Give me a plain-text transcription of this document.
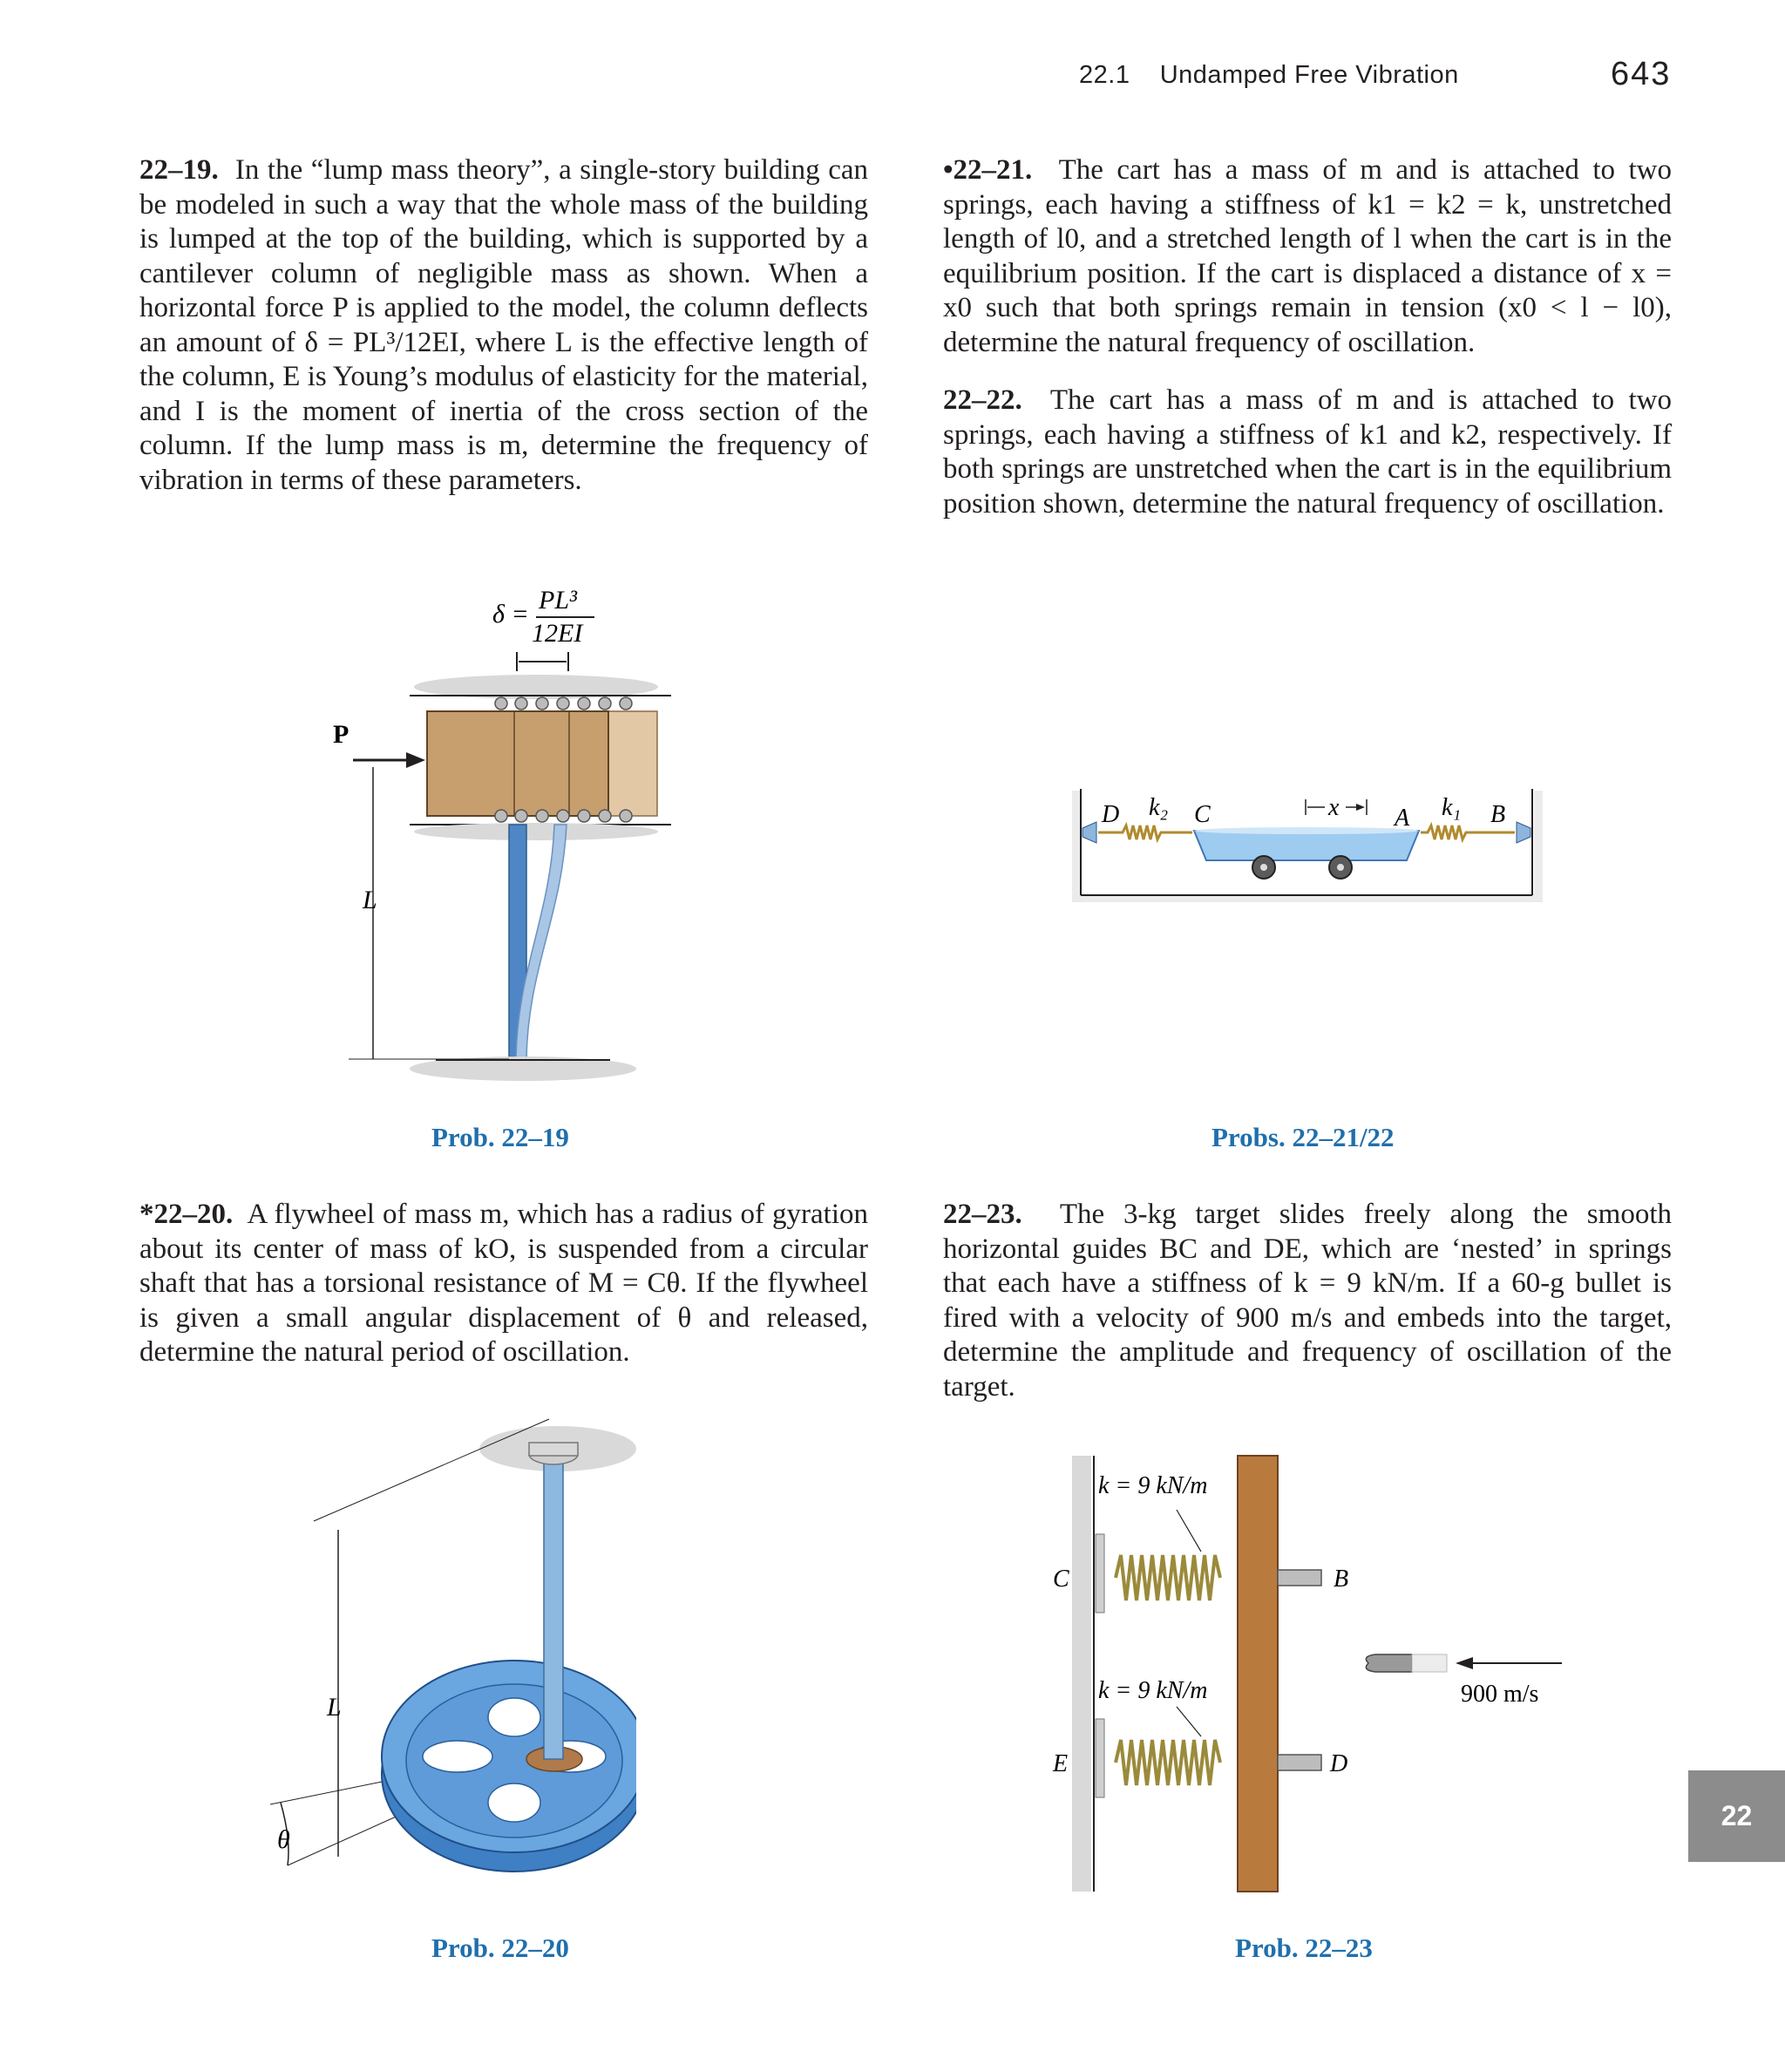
22.1 Undamped Free Vibration	643
22–19. In the “lump mass theory”, a single-story building can be modeled in such a way that the whole mass of the building is lumped at the top of the building, which is supported by a cantilever column of negligible mass as shown. When a horizontal force P is applied to the model, the column deflects an amount of δ = PL³/12EI, where L is the effective length of the column, E is Young’s modulus of elasticity for the material, and I is the moment of inertia of the cross section of the column. If the lump mass is m, determine the frequency of vibration in terms of these parameters.
•22–21. The cart has a mass of m and is attached to two springs, each having a stiffness of k1 = k2 = k, unstretched length of l0, and a stretched length of l when the cart is in the equilibrium position. If the cart is displaced a distance of x = x0 such that both springs remain in tension (x0 < l − l0), determine the natural frequency of oscillation.
22–22. The cart has a mass of m and is attached to two springs, each having a stiffness of k1 and k2, respectively. If both springs are unstretched when the cart is in the equilibrium position shown, determine the natural frequency of oscillation.
*22–20. A flywheel of mass m, which has a radius of gyration about its center of mass of kO, is suspended from a circular shaft that has a torsional resistance of M = Cθ. If the flywheel is given a small angular displacement of θ and released, determine the natural period of oscillation.
22–23. The 3-kg target slides freely along the smooth horizontal guides BC and DE, which are ‘nested’ in springs that each have a stiffness of k = 9 kN/m. If a 60-g bullet is fired with a velocity of 900 m/s and embeds into the target, determine the amplitude and frequency of oscillation of the target.
δ = PL³
12EI
P
L
Prob. 22–19
D k₂ C	x A k₁ B
Probs. 22–21/22
L
θ
Prob. 22–20
k = 9 kN/m
k = 9 kN/m
C	B
E	D
900 m/s
Prob. 22–23
22
